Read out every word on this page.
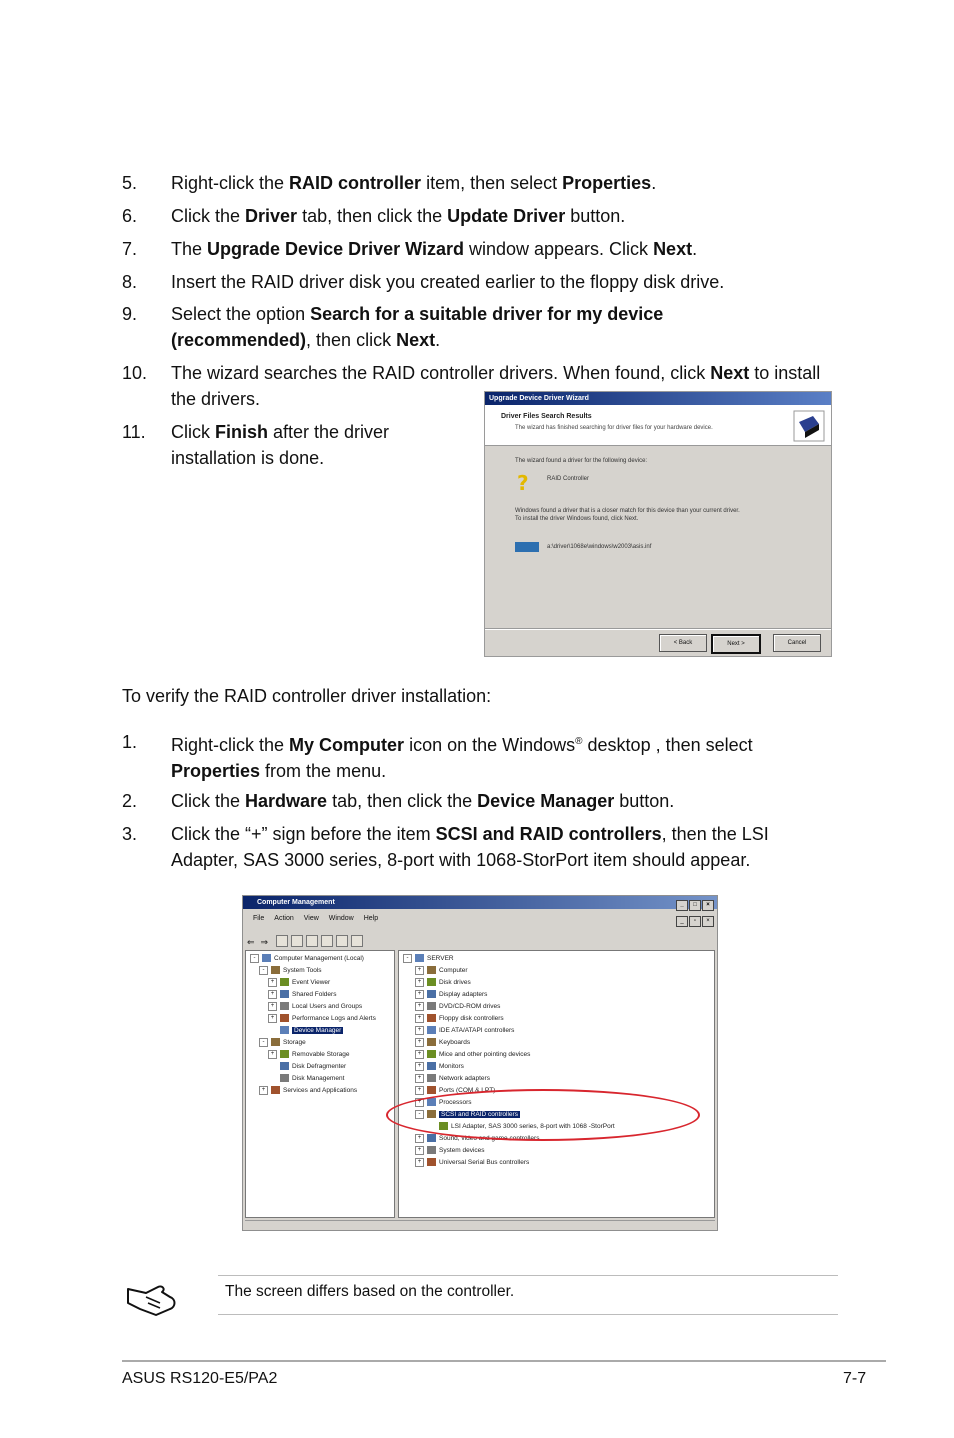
5.	Right-click the RAID controller item, then select Properties.
6.	Click the Driver tab, then click the Update Driver button.
7.	The Upgrade Device Driver Wizard window appears. Click Next.
8.	Insert the RAID driver disk you created earlier to the floppy disk drive.
9.	Select the option Search for a suitable driver for my device (recommended), then click Next.
10.	The wizard searches the RAID controller drivers. When found, click Next to install the drivers.
11.	Click Finish after the driver installation is done.
Upgrade Device Driver Wizard
Driver Files Search Results
The wizard has finished searching for driver files for your hardware device.
The wizard found a driver for the following device:
?	RAID Controller
Windows found a driver that is a closer match for this device than your current driver.
To install the driver Windows found, click Next.
a:\driver\1068e\windows\w2003\asis.inf
< Back	Next >	Cancel
To verify the RAID controller driver installation:
1.	Right-click the My Computer icon on the Windows® desktop , then select Properties from the menu.
2.	Click the Hardware tab, then click the Device Manager button.
3.	Click the “+” sign before the item SCSI and RAID controllers, then the LSI Adapter, SAS 3000 series, 8-port with 1068-StorPort item should appear.
Computer Management	_ □ ×
File Action View Window Help	_ ▫ ×
⇐ ⇒
-	Computer Management (Local)
-	System Tools
+	Event Viewer
+	Shared Folders
+	Local Users and Groups
+	Performance Logs and Alerts
Device Manager
-	Storage
+	Removable Storage
Disk Defragmenter
Disk Management
+	Services and Applications
-	SERVER
+	Computer
+	Disk drives
+	Display adapters
+	DVD/CD-ROM drives
+	Floppy disk controllers
+	IDE ATA/ATAPI controllers
+	Keyboards
+	Mice and other pointing devices
+	Monitors
+	Network adapters
+	Ports (COM & LPT)
+	Processors
-	SCSI and RAID controllers
LSI Adapter, SAS 3000 series, 8-port with 1068 -StorPort
+	Sound, video and game controllers
+	System devices
+	Universal Serial Bus controllers
The screen differs based on the controller.
ASUS RS120-E5/PA2	7-7
